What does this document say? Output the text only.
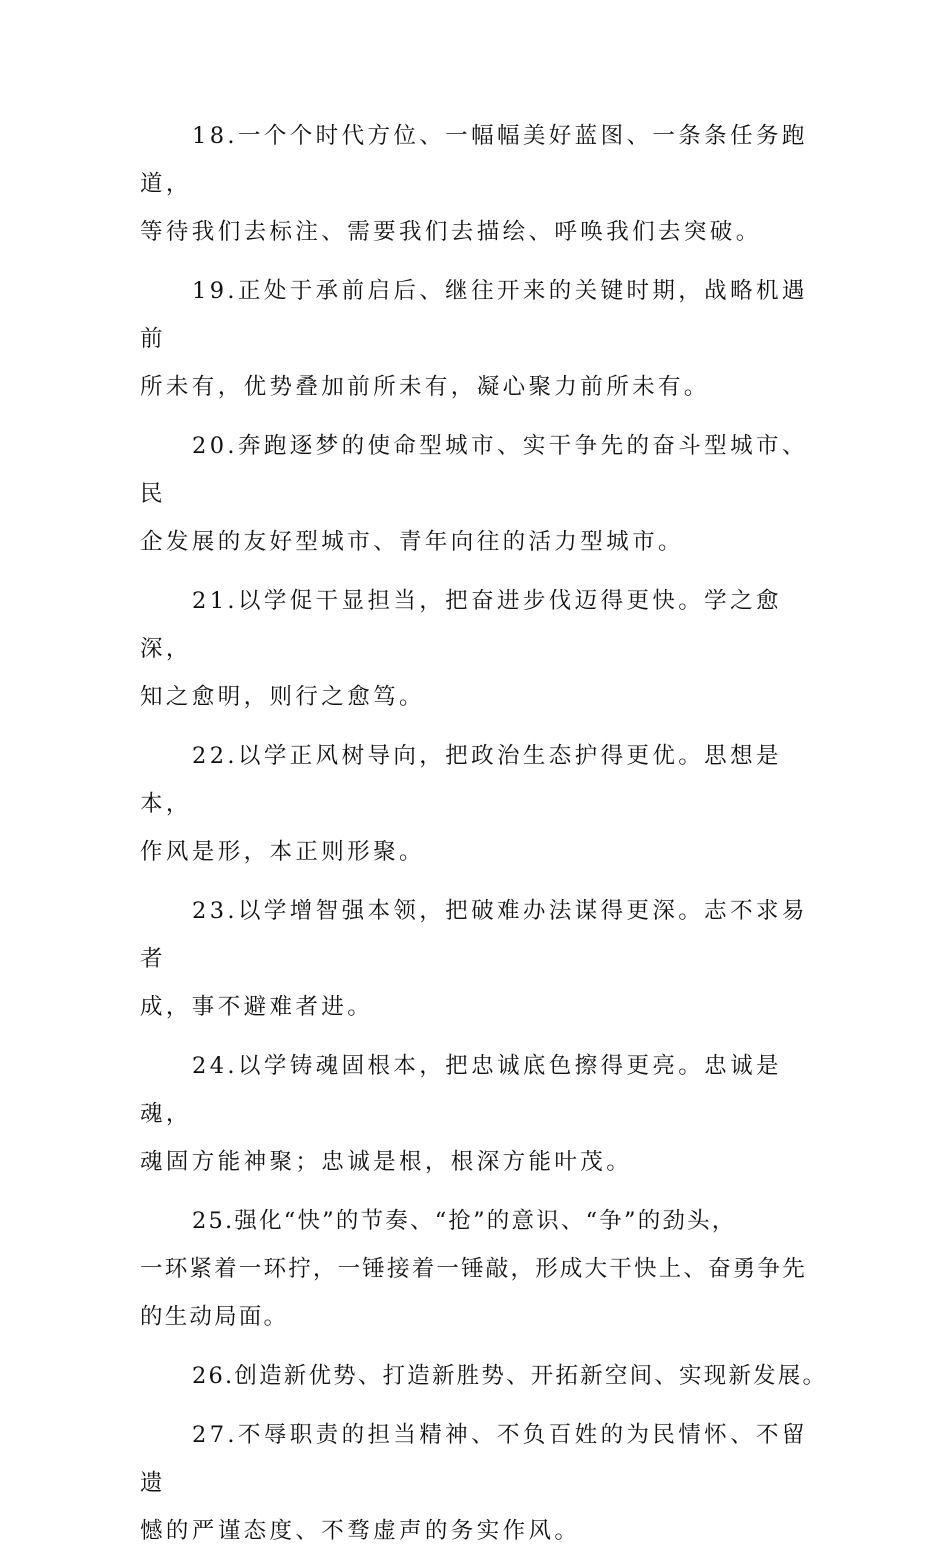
18.一个个时代方位、一幅幅美好蓝图、一条条任务跑道，
等待我们去标注、需要我们去描绘、呼唤我们去突破。

19.正处于承前启后、继往开来的关键时期，战略机遇前
所未有，优势叠加前所未有，凝心聚力前所未有。

20.奔跑逐梦的使命型城市、实干争先的奋斗型城市、民
企发展的友好型城市、青年向往的活力型城市。

21.以学促干显担当，把奋进步伐迈得更快。学之愈深，
知之愈明，则行之愈笃。

22.以学正风树导向，把政治生态护得更优。思想是本，
作风是形，本正则形聚。

23.以学增智强本领，把破难办法谋得更深。志不求易者
成，事不避难者进。

24.以学铸魂固根本，把忠诚底色擦得更亮。忠诚是魂，
魂固方能神聚；忠诚是根，根深方能叶茂。

25.强化“快”的节奏、“抢”的意识、“争”的劲头，
一环紧着一环拧，一锤接着一锤敲，形成大干快上、奋勇争先
的生动局面。

26.创造新优势、打造新胜势、开拓新空间、实现新发展。

27.不辱职责的担当精神、不负百姓的为民情怀、不留遗
憾的严谨态度、不骛虚声的务实作风。
